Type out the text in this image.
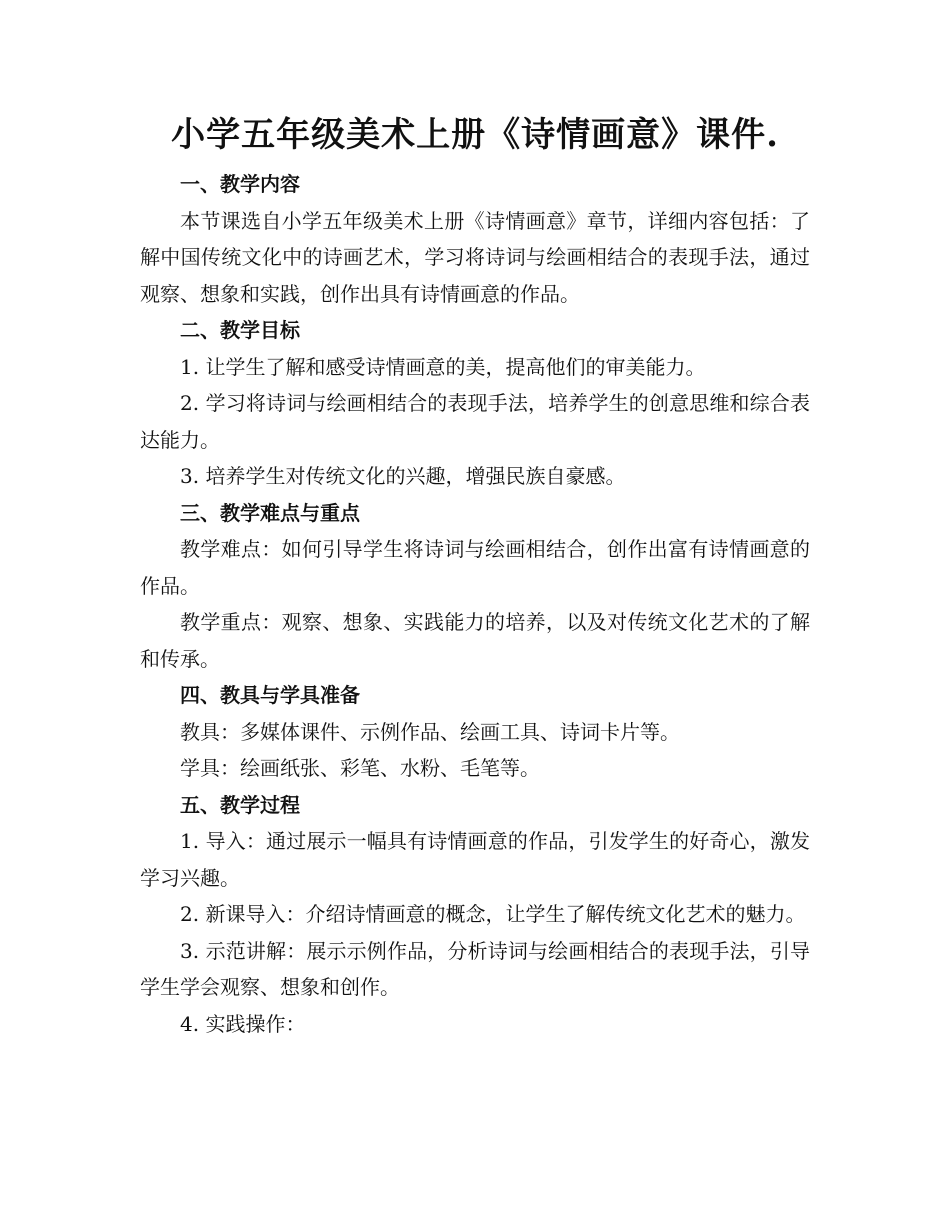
小学五年级美术上册《诗情画意》课件.

一、教学内容

本节课选自小学五年级美术上册《诗情画意》章节，详细内容包括：了解中国传统文化中的诗画艺术，学习将诗词与绘画相结合的表现手法，通过观察、想象和实践，创作出具有诗情画意的作品。

二、教学目标

1. 让学生了解和感受诗情画意的美，提高他们的审美能力。

2. 学习将诗词与绘画相结合的表现手法，培养学生的创意思维和综合表达能力。

3. 培养学生对传统文化的兴趣，增强民族自豪感。

三、教学难点与重点

教学难点：如何引导学生将诗词与绘画相结合，创作出富有诗情画意的作品。

教学重点：观察、想象、实践能力的培养，以及对传统文化艺术的了解和传承。

四、教具与学具准备

教具：多媒体课件、示例作品、绘画工具、诗词卡片等。

学具：绘画纸张、彩笔、水粉、毛笔等。

五、教学过程

1. 导入：通过展示一幅具有诗情画意的作品，引发学生的好奇心，激发学习兴趣。

2. 新课导入：介绍诗情画意的概念，让学生了解传统文化艺术的魅力。

3. 示范讲解：展示示例作品，分析诗词与绘画相结合的表现手法，引导学生学会观察、想象和创作。

4. 实践操作：
